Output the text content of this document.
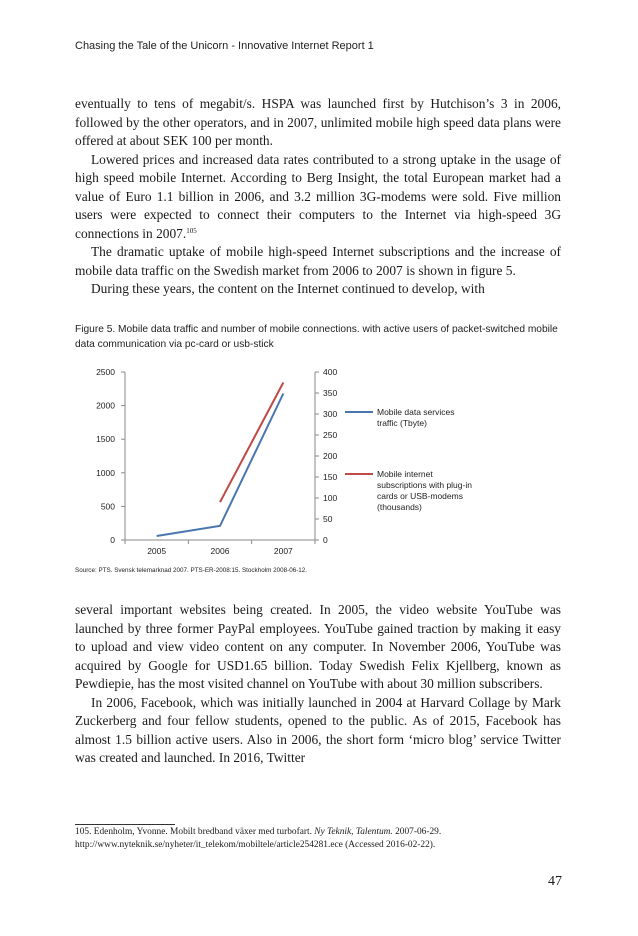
Chasing the Tale of the Unicorn - Innovative Internet Report 1

eventually to tens of megabit/s. HSPA was launched first by Hutchison’s 3 in 2006, followed by the other operators, and in 2007, unlimited mobile high speed data plans were offered at about SEK 100 per month.

Lowered prices and increased data rates contributed to a strong uptake in the usage of high speed mobile Internet. According to Berg Insight, the total European market had a value of Euro 1.1 billion in 2006, and 3.2 million 3G-modems were sold. Five million users were expected to connect their computers to the Internet via high-speed 3G connections in 2007.$^{105}$

The dramatic uptake of mobile high-speed Internet subscriptions and the increase of mobile data traffic on the Swedish market from 2006 to 2007 is shown in figure 5.

During these years, the content on the Internet continued to develop, with

Figure 5. Mobile data traffic and number of mobile connections. with active users of packet-switched mobile data communication via pc-card or usb-stick
0
500
1000
1500
2000
2500
0
50
100
150
200
250
300
350
400
2005	2006	2007
Mobile data services
traffic (Tbyte)
Mobile internet
subscriptions with plug-in
cards or USB-modems
(thousands)
Source: PTS. Svensk telemarknad 2007. PTS-ER-2008:15. Stockholm 2008-06-12.

several important websites being created. In 2005, the video website YouTube was launched by three former PayPal employees. YouTube gained traction by making it easy to upload and view video content on any computer. In November 2006, YouTube was acquired by Google for USD1.65 billion. Today Swedish Felix Kjellberg, known as Pewdiepie, has the most visited channel on YouTube with about 30 million subscribers.

In 2006, Facebook, which was initially launched in 2004 at Harvard Collage by Mark Zuckerberg and four fellow students, opened to the public. As of 2015, Facebook has almost 1.5 billion active users. Also in 2006, the short form ‘micro blog’ service Twitter was created and launched. In 2016, Twitter

105. Edenholm, Yvonne. Mobilt bredband växer med turbofart. Ny Teknik, Talentum. 2007-06-29.
http://www.nyteknik.se/nyheter/it_telekom/mobiltele/article254281.ece (Accessed 2016-02-22).
47
